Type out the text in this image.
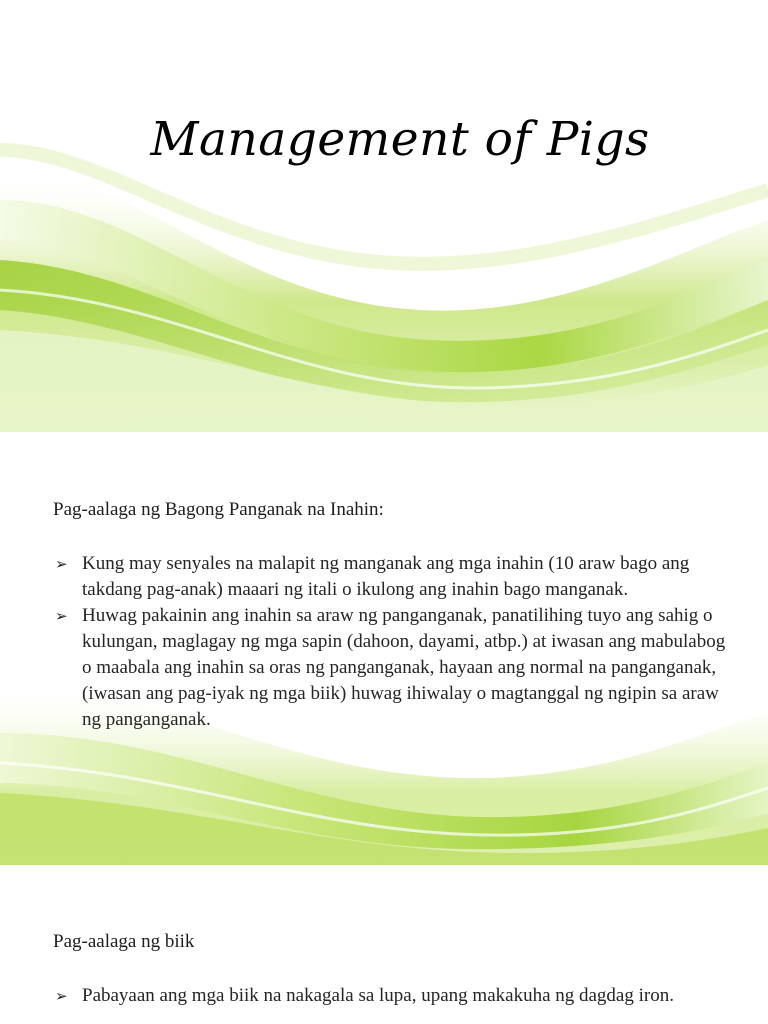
Management of Pigs
Pag-aalaga ng Bagong Panganak na Inahin:
➢ Kung may senyales na malapit ng manganak ang mga inahin (10 araw bago ang takdang pag-anak) maaari ng itali o ikulong ang inahin bago manganak.
➢ Huwag pakainin ang inahin sa araw ng panganganak, panatilihing tuyo ang sahig o kulungan, maglagay ng mga sapin (dahoon, dayami, atbp.) at iwasan ang mabulabog o maabala ang inahin sa oras ng panganganak, hayaan ang normal na panganganak, (iwasan ang pag-iyak ng mga biik) huwag ihiwalay o magtanggal ng ngipin sa araw ng panganganak.
Pag-aalaga ng biik
➢ Pabayaan ang mga biik na nakagala sa lupa, upang makakuha ng dagdag iron.
